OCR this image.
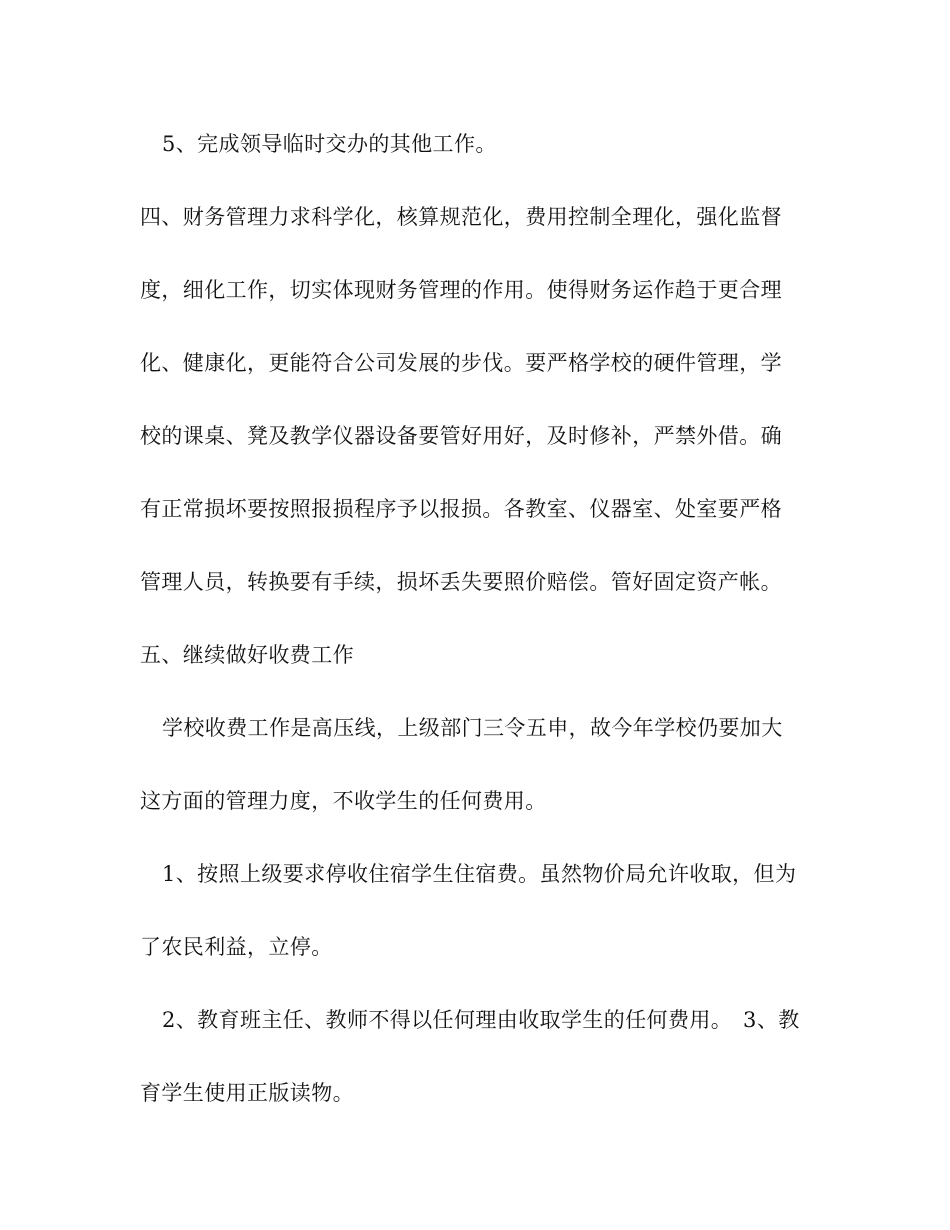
5、完成领导临时交办的其他工作。

四、财务管理力求科学化，核算规范化，费用控制全理化，强化监督

度，细化工作，切实体现财务管理的作用。使得财务运作趋于更合理

化、健康化，更能符合公司发展的步伐。要严格学校的硬件管理，学

校的课桌、凳及教学仪器设备要管好用好，及时修补，严禁外借。确

有正常损坏要按照报损程序予以报损。各教室、仪器室、处室要严格

管理人员，转换要有手续，损坏丢失要照价赔偿。管好固定资产帐。

五、继续做好收费工作

学校收费工作是高压线，上级部门三令五申，故今年学校仍要加大

这方面的管理力度，不收学生的任何费用。

1、按照上级要求停收住宿学生住宿费。虽然物价局允许收取，但为

了农民利益，立停。

2、教育班主任、教师不得以任何理由收取学生的任何费用。　3、教

育学生使用正版读物。
